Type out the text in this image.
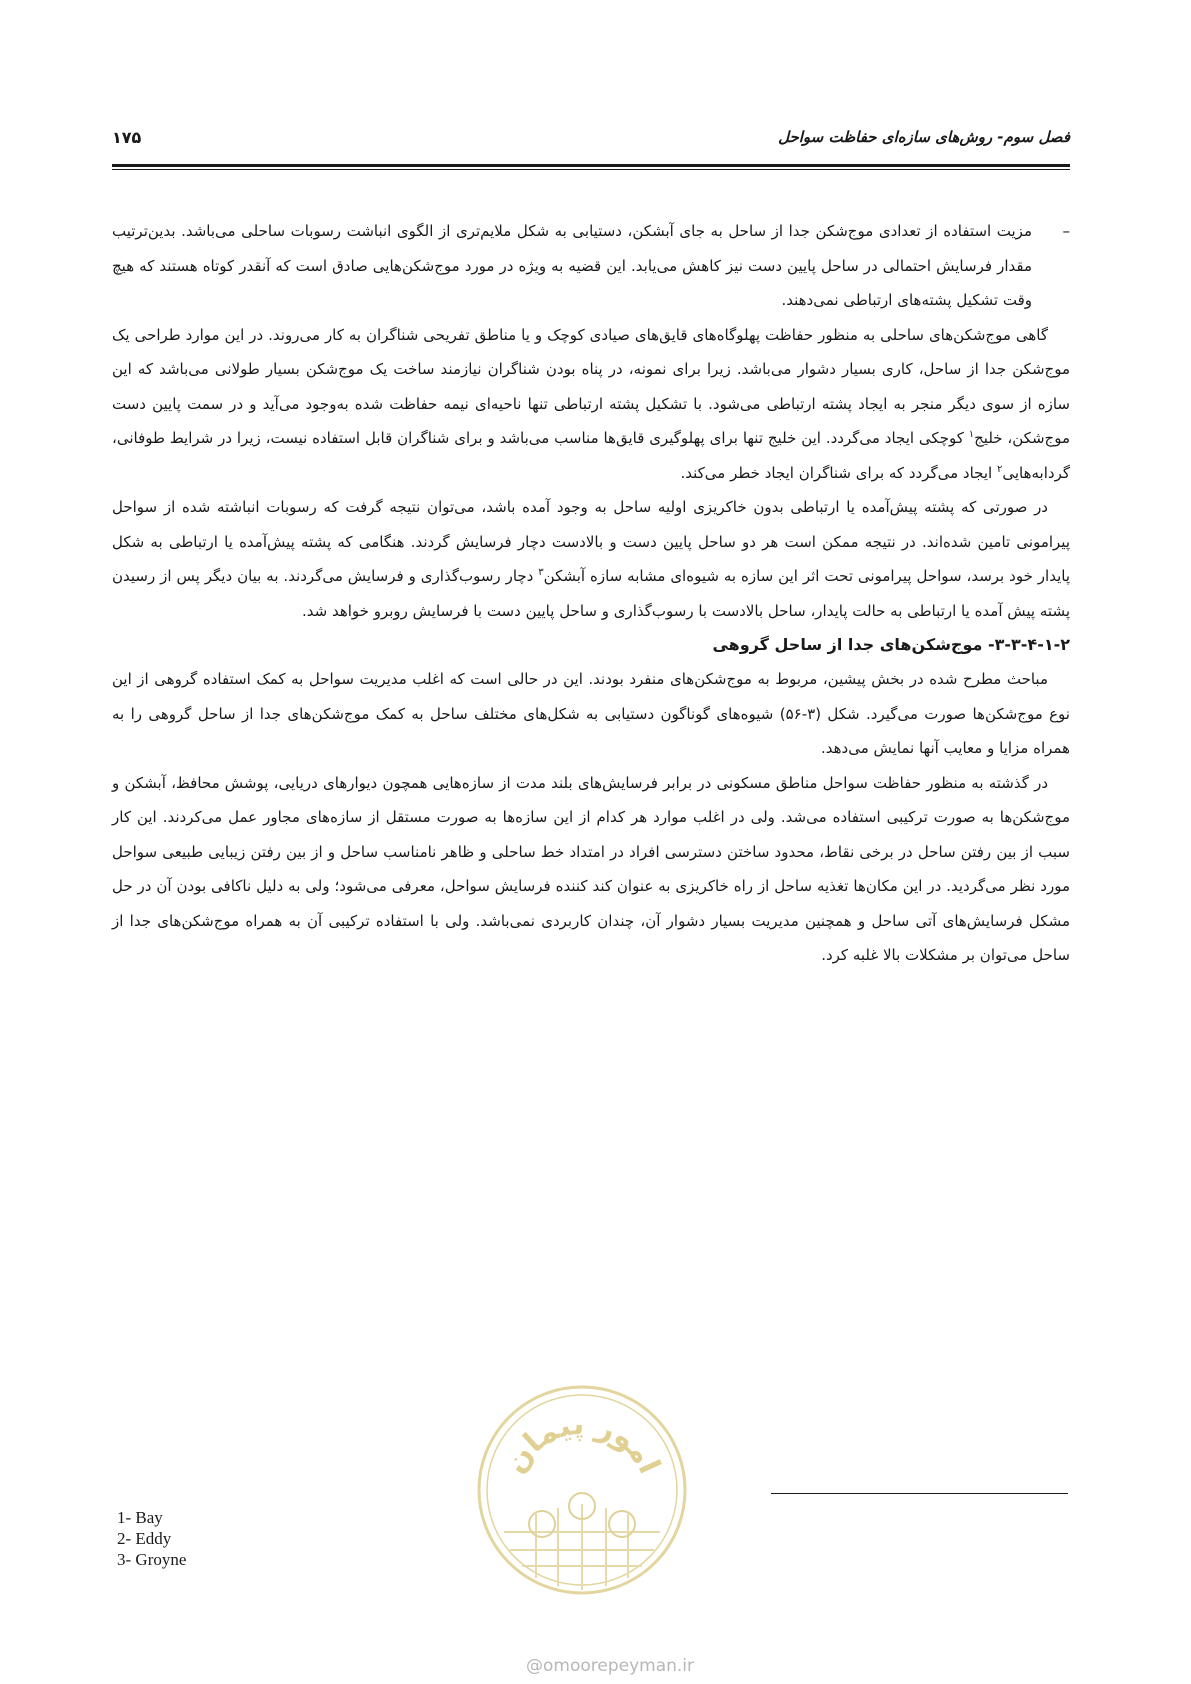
فصل سوم- روش‌های سازه‌ای حفاظت سواحل
۱۷۵

–
مزیت استفاده از تعدادی موج‌شکن جدا از ساحل به جای آبشکن، دستیابی به شکل ملایم‌تری از الگوی انباشت رسوبات ساحلی می‌باشد. بدین‌ترتیب مقدار فرسایش احتمالی در ساحل پایین دست نیز کاهش می‌یابد. این قضیه به ویژه در مورد موج‌شکن‌هایی صادق است که آنقدر کوتاه هستند که هیچ وقت تشکیل پشته‌های ارتباطی نمی‌دهند.

گاهی موج‌شکن‌های ساحلی به منظور حفاظت پهلوگاه‌های قایق‌های صیادی کوچک و یا مناطق تفریحی شناگران به کار می‌روند. در این موارد طراحی یک موج‌شکن جدا از ساحل، کاری بسیار دشوار می‌باشد. زیرا برای نمونه، در پناه بودن شناگران نیازمند ساخت یک موج‌شکن بسیار طولانی می‌باشد که این سازه از سوی دیگر منجر به ایجاد پشته ارتباطی می‌شود. با تشکیل پشته ارتباطی تنها ناحیه‌ای نیمه حفاظت شده به‌وجود می‌آید و در سمت پایین دست موج‌شکن، خلیج$^۱$ کوچکی ایجاد می‌گردد. این خلیج تنها برای پهلوگیری قایق‌ها مناسب می‌باشد و برای شناگران قابل استفاده نیست، زیرا در شرایط طوفانی، گردابه‌هایی$^۲$ ایجاد می‌گردد که برای شناگران ایجاد خطر می‌کند.

در صورتی که پشته پیش‌آمده یا ارتباطی بدون خاکریزی اولیه ساحل به وجود آمده باشد، می‌توان نتیجه گرفت که رسوبات انباشته شده از سواحل پیرامونی تامین شده‌اند. در نتیجه ممکن است هر دو ساحل پایین دست و بالادست دچار فرسایش گردند. هنگامی که پشته پیش‌آمده یا ارتباطی به شکل پایدار خود برسد، سواحل پیرامونی تحت اثر این سازه به شیوه‌ای مشابه سازه آبشکن$^۳$ دچار رسوب‌گذاری و فرسایش می‌گردند. به بیان دیگر پس از رسیدن پشته پیش آمده یا ارتباطی به حالت پایدار، ساحل بالادست با رسوب‌گذاری و ساحل پایین دست با فرسایش روبرو خواهد شد.

۳-۳-۴-۱-۲- موج‌شکن‌های جدا از ساحل گروهی

مباحث مطرح شده در بخش پیشین، مربوط به موج‌شکن‌های منفرد بودند. این در حالی است که اغلب مدیریت سواحل به کمک استفاده گروهی از این نوع موج‌شکن‌ها صورت می‌گیرد. شکل (۳-۵۶) شیوه‌های گوناگون دستیابی به شکل‌های مختلف ساحل به کمک موج‌شکن‌های جدا از ساحل گروهی را به همراه مزایا و معایب آنها نمایش می‌دهد.

در گذشته به منظور حفاظت سواحل مناطق مسکونی در برابر فرسایش‌های بلند مدت از سازه‌هایی همچون دیوارهای دریایی، پوشش محافظ، آبشکن و موج‌شکن‌ها به صورت ترکیبی استفاده می‌شد. ولی در اغلب موارد هر کدام از این سازه‌ها به صورت مستقل از سازه‌های مجاور عمل می‌کردند. این کار سبب از بین رفتن ساحل در برخی نقاط، محدود ساختن دسترسی افراد در امتداد خط ساحلی و ظاهر نامناسب ساحل و از بین رفتن زیبایی طبیعی سواحل مورد نظر می‌گردید. در این مکان‌ها تغذیه ساحل از راه خاکریزی به عنوان کند کننده فرسایش سواحل، معرفی می‌شود؛ ولی به دلیل ناکافی بودن آن در حل مشکل فرسایش‌های آتی ساحل و همچنین مدیریت بسیار دشوار آن، چندان کاربردی نمی‌باشد. ولی با استفاده ترکیبی آن به همراه موج‌شکن‌های جدا از ساحل می‌توان بر مشکلات بالا غلبه کرد.

1- Bay
2- Eddy
3- Groyne
امور پیمان
@omoorepeyman.ir
